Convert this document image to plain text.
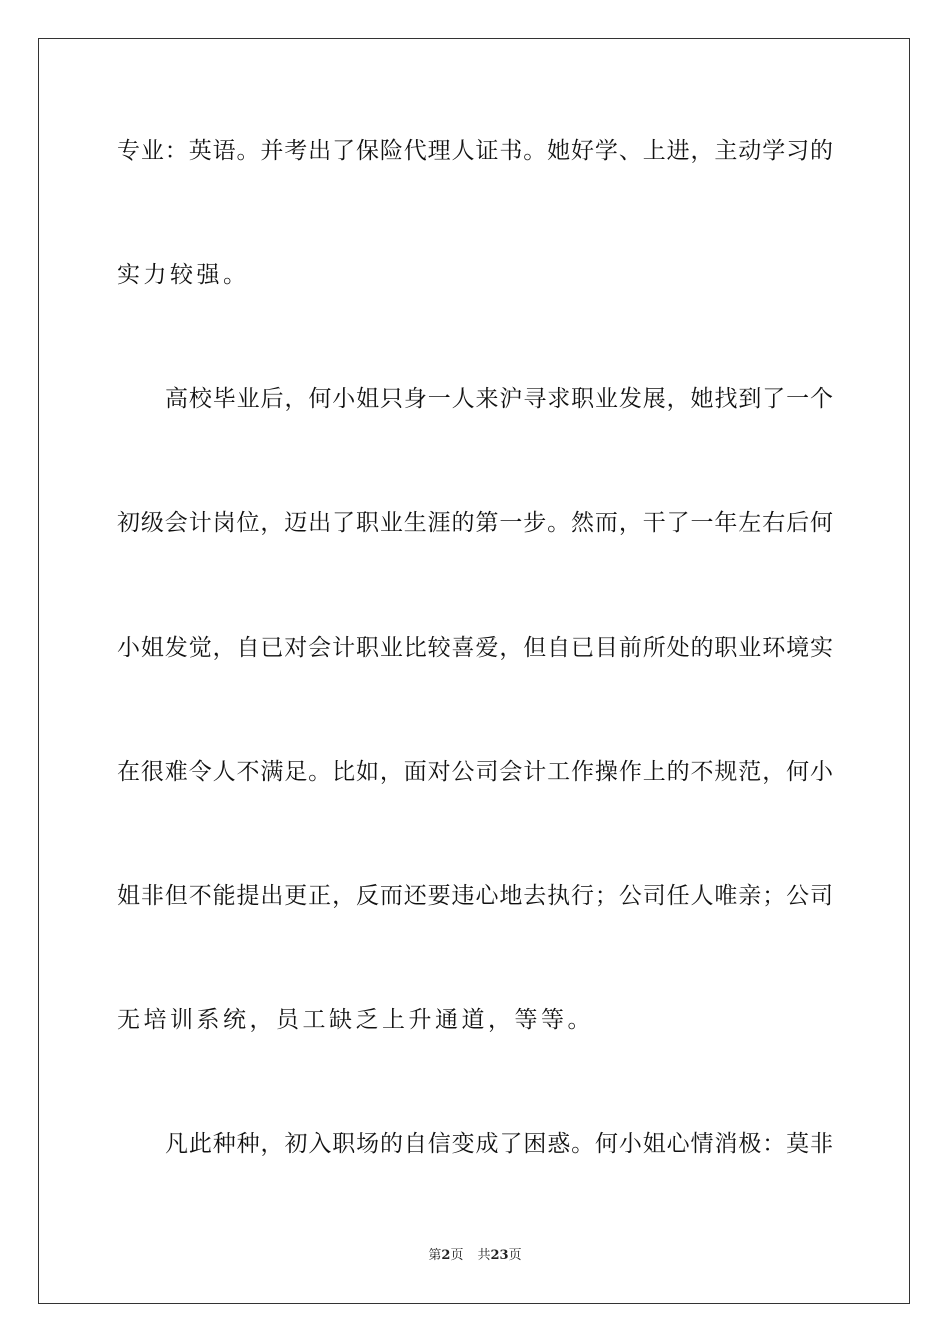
专业：英语。并考出了保险代理人证书。她好学、上进，主动学习的
实力较强。
高校毕业后，何小姐只身一人来沪寻求职业发展，她找到了一个
初级会计岗位，迈出了职业生涯的第一步。然而，干了一年左右后何
小姐发觉，自已对会计职业比较喜爱，但自已目前所处的职业环境实
在很难令人不满足。比如，面对公司会计工作操作上的不规范，何小
姐非但不能提出更正，反而还要违心地去执行；公司任人唯亲；公司
无培训系统，员工缺乏上升通道，等等。
凡此种种，初入职场的自信变成了困惑。何小姐心情消极：莫非
第2页 共23页
